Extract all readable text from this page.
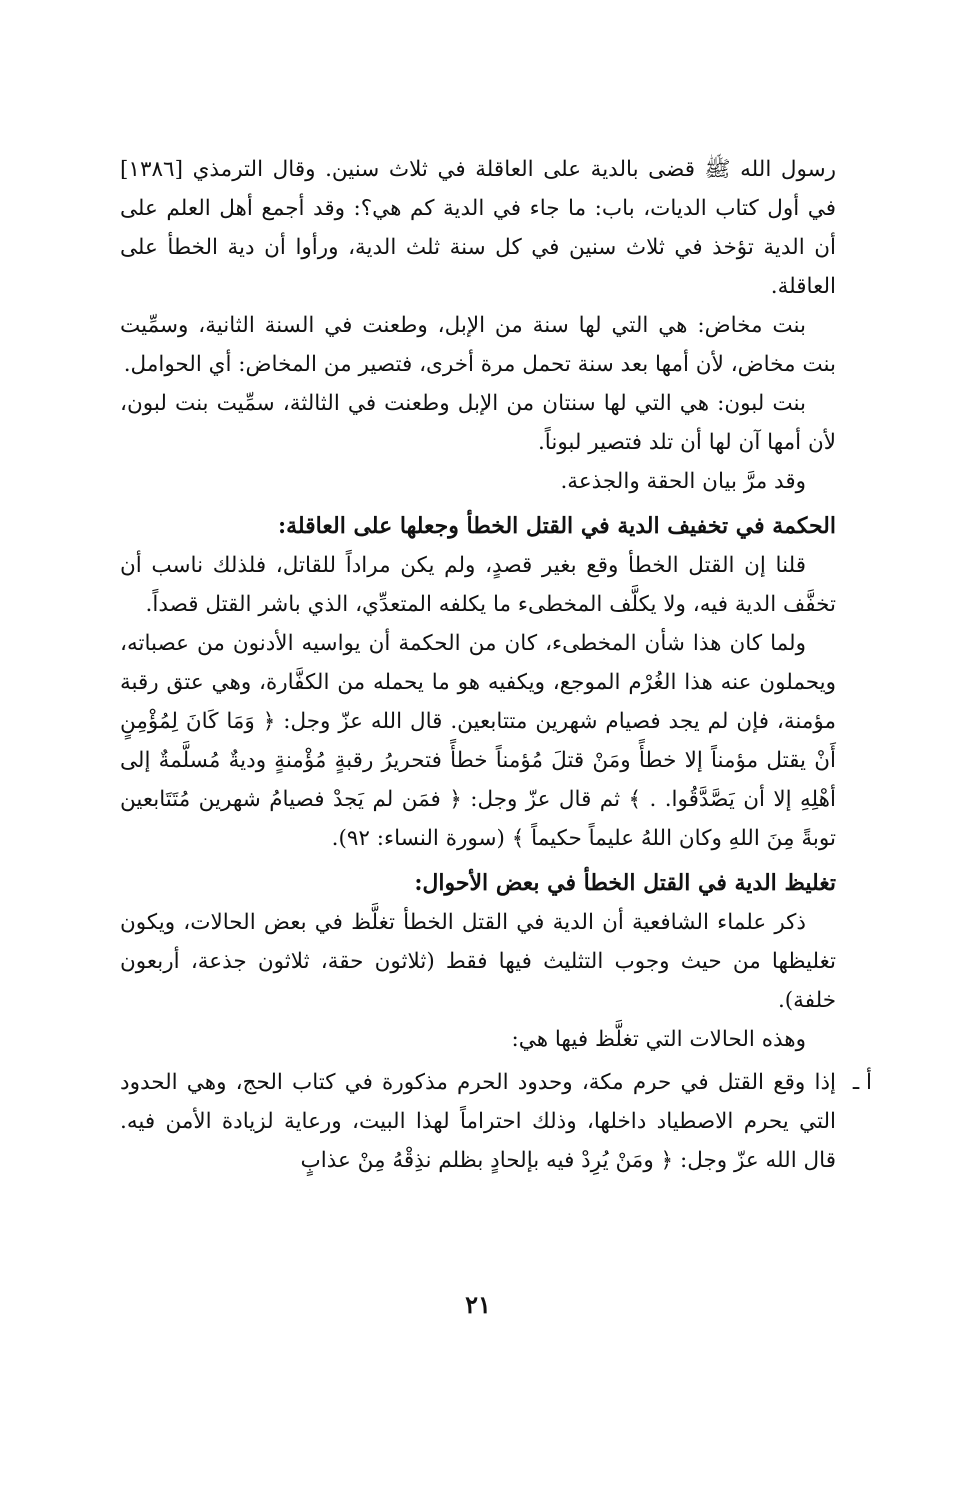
رسول الله ﷺ قضى بالدية على العاقلة في ثلاث سنين. وقال الترمذي [١٣٨٦] في أول كتاب الديات، باب: ما جاء في الدية كم هي؟: وقد أجمع أهل العلم على أن الدية تؤخذ في ثلاث سنين في كل سنة ثلث الدية، ورأوا أن دية الخطأ على العاقلة.

بنت مخاض: هي التي لها سنة من الإبل، وطعنت في السنة الثانية، وسمِّيت بنت مخاض، لأن أمها بعد سنة تحمل مرة أخرى، فتصير من المخاض: أي الحوامل.

بنت لبون: هي التي لها سنتان من الإبل وطعنت في الثالثة، سمِّيت بنت لبون، لأن أمها آن لها أن تلد فتصير لبوناً.

وقد مرَّ بيان الحقة والجذعة.

الحكمة في تخفيف الدية في القتل الخطأ وجعلها على العاقلة:

قلنا إن القتل الخطأ وقع بغير قصدٍ، ولم يكن مراداً للقاتل، فلذلك ناسب أن تخفَّف الدية فيه، ولا يكلَّف المخطىء ما يكلفه المتعدِّي، الذي باشر القتل قصداً.

ولما كان هذا شأن المخطىء، كان من الحكمة أن يواسيه الأدنون من عصباته، ويحملون عنه هذا الغُرْم الموجع، ويكفيه هو ما يحمله من الكفَّارة، وهي عتق رقبة مؤمنة، فإن لم يجد فصيام شهرين متتابعين. قال الله عزّ وجل: ﴿ وَمَا كَانَ لِمُؤْمِنٍ أَنْ يقتل مؤمناً إلا خطأً ومَنْ قتلَ مُؤمناً خطأً فتحريرُ رقبةٍ مُؤْمنةٍ وديةٌ مُسلَّمةٌ إلى أهْلِهِ إلا أن يَصَّدَّقُوا. . ﴾ ثم قال عزّ وجل: ﴿ فمَن لم يَجدْ فصيامُ شهرين مُتَتَابعين توبةً مِنَ اللهِ وكان اللهُ عليماً حكيماً ﴾ (سورة النساء: ٩٢).

تغليظ الدية في القتل الخطأ في بعض الأحوال:

ذكر علماء الشافعية أن الدية في القتل الخطأ تغلَّظ في بعض الحالات، ويكون تغليظها من حيث وجوب التثليث فيها فقط (ثلاثون حقة، ثلاثون جذعة، أربعون خلفة).

وهذه الحالات التي تغلَّظ فيها هي:

أ ـ
إذا وقع القتل في حرم مكة، وحدود الحرم مذكورة في كتاب الحج، وهي الحدود التي يحرم الاصطياد داخلها، وذلك احتراماً لهذا البيت، ورعاية لزيادة الأمن فيه. قال الله عزّ وجل: ﴿ ومَنْ يُرِدْ فيه بإلحادٍ بظلم نذِقْهُ مِنْ عذابٍ
٢١
